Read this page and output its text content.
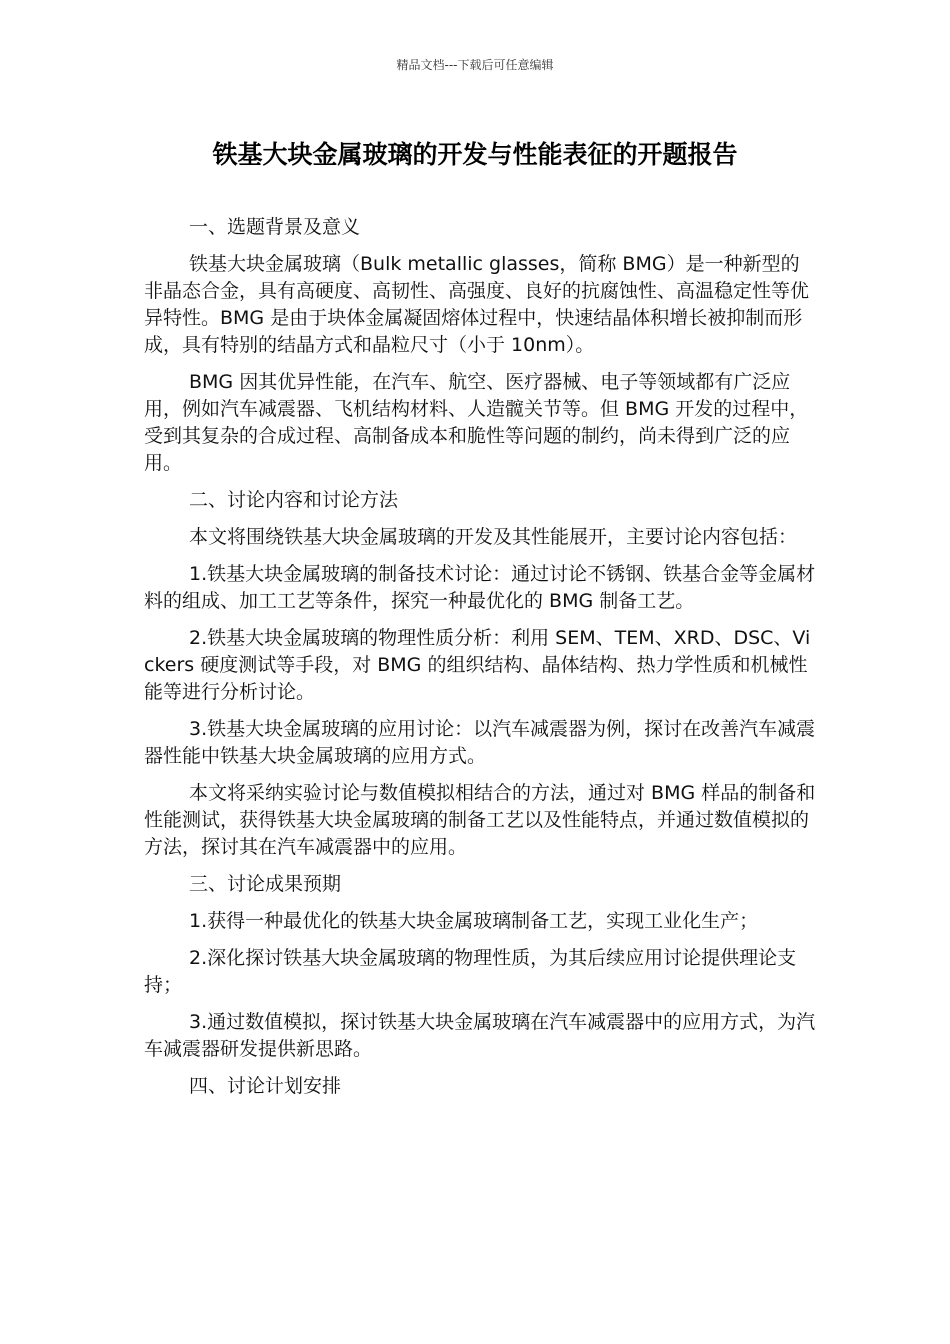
精品文档---下载后可任意编辑
铁基大块金属玻璃的开发与性能表征的开题报告

一、选题背景及意义

铁基大块金属玻璃（Bulk metallic glasses，简称 BMG）是一种新型的非晶态合金，具有高硬度、高韧性、高强度、良好的抗腐蚀性、高温稳定性等优异特性。BMG 是由于块体金属凝固熔体过程中，快速结晶体积增长被抑制而形成，具有特别的结晶方式和晶粒尺寸（小于 10nm）。

BMG 因其优异性能，在汽车、航空、医疗器械、电子等领域都有广泛应用，例如汽车减震器、飞机结构材料、人造髋关节等。但 BMG 开发的过程中，受到其复杂的合成过程、高制备成本和脆性等问题的制约，尚未得到广泛的应用。

二、讨论内容和讨论方法

本文将围绕铁基大块金属玻璃的开发及其性能展开，主要讨论内容包括：

1.铁基大块金属玻璃的制备技术讨论：通过讨论不锈钢、铁基合金等金属材料的组成、加工工艺等条件，探究一种最优化的 BMG 制备工艺。

2.铁基大块金属玻璃的物理性质分析：利用 SEM、TEM、XRD、DSC、Vickers 硬度测试等手段，对 BMG 的组织结构、晶体结构、热力学性质和机械性能等进行分析讨论。

3.铁基大块金属玻璃的应用讨论：以汽车减震器为例，探讨在改善汽车减震器性能中铁基大块金属玻璃的应用方式。

本文将采纳实验讨论与数值模拟相结合的方法，通过对 BMG 样品的制备和性能测试，获得铁基大块金属玻璃的制备工艺以及性能特点，并通过数值模拟的方法，探讨其在汽车减震器中的应用。

三、讨论成果预期

1.获得一种最优化的铁基大块金属玻璃制备工艺，实现工业化生产；

2.深化探讨铁基大块金属玻璃的物理性质，为其后续应用讨论提供理论支持；

3.通过数值模拟，探讨铁基大块金属玻璃在汽车减震器中的应用方式，为汽车减震器研发提供新思路。

四、讨论计划安排
